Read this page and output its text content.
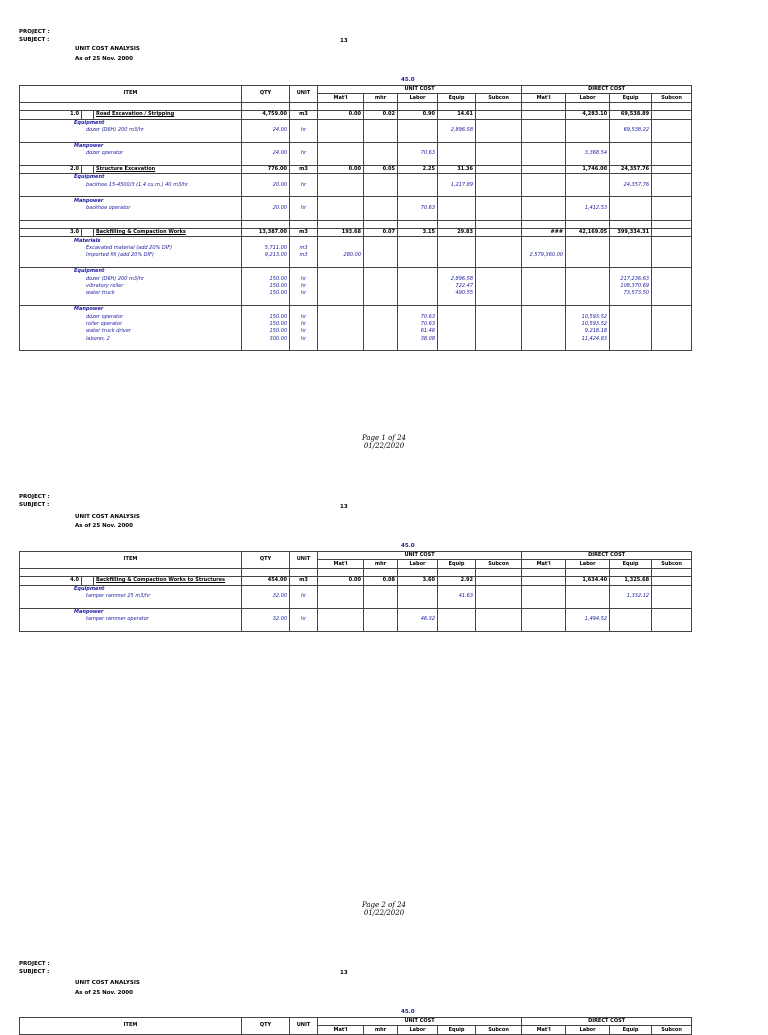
PROJECT :
SUBJECT :
UNIT COST ANALYSIS
As of 25 Nov. 2000
13
45.0
ITEM			QTY	UNIT	UNIT COST					DIRECT COST			
					Mat'l	mhr	Labor	Equip	Subcon	Mat'l	Labor	Equip	Subcon

1.0		Road Excavation / Stripping	4,759.00	m3	0.00	0.02	0.90	14.61			4,283.10	69,538.89	
Equipment													
dozer (D6H) 200 m3/hr			24.00	hr				2,896.58				69,538.22	

Manpower													
dozer operator			24.00	hr			70.63				3,368.54		

2.0		Structure Excavation	776.00	m3	0.00	0.05	2.25	31.36			1,746.00	24,357.76	
Equipment													
backhoe 15-4500/3 (1.4 cu.m.) 40 m3/hr			20.00	hr				1,217.89				24,357.76	

Manpower													
backhoe operator			20.00	hr			70.63				1,412.53		

3.0		Backfilling & Compaction Works	13,387.00	m3	193.68	0.07	3.15	29.83		###	42,169.05	399,334.31	
Materials													
Excavated material (add 20% DIF)			5,711.00	m3									
Imported fill (add 20% DIF)			9,213.00	m3	280.00					2,579,360.00			

Equipment													
dozer (D6H) 200 m3/hr			150.00	hr				2,896.58				217,236.63	
vibratory roller			150.00	hr				722.47				108,370.69	
water truck			150.00	hr				490.55				73,573.50	

Manpower													
dozer operator			150.00	hr			70.63				10,593.52		
roller operator			150.00	hr			70.63				10,593.52		
water truck driver			150.00	hr			61.46				9,218.18		
laborer, 2			300.00	hr			38.08				11,424.83		

Page 1 of 24
01/22/2020
PROJECT :
SUBJECT :
UNIT COST ANALYSIS
As of 25 Nov. 2000
13
45.0
ITEM			QTY	UNIT	UNIT COST					DIRECT COST			
					Mat'l	mhr	Labor	Equip	Subcon	Mat'l	Labor	Equip	Subcon

4.0		Backfilling & Compaction Works to Structures	454.00	m3	0.00	0.08	3.60	2.92			1,634.40	1,325.68	
Equipment													
tamper rammer 25 m3/hr			32.00	hr				41.63				1,332.12	

Manpower													
tamper rammer operator			32.00	hr			46.32				1,494.52		

Page 2 of 24
01/22/2020
PROJECT :
SUBJECT :
UNIT COST ANALYSIS
As of 25 Nov. 2000
13
45.0
ITEM	QTY	UNIT	UNIT COST					DIRECT COST			
			Mat'l	mhr	Labor	Equip	Subcon	Mat'l	Labor	Equip	Subcon
